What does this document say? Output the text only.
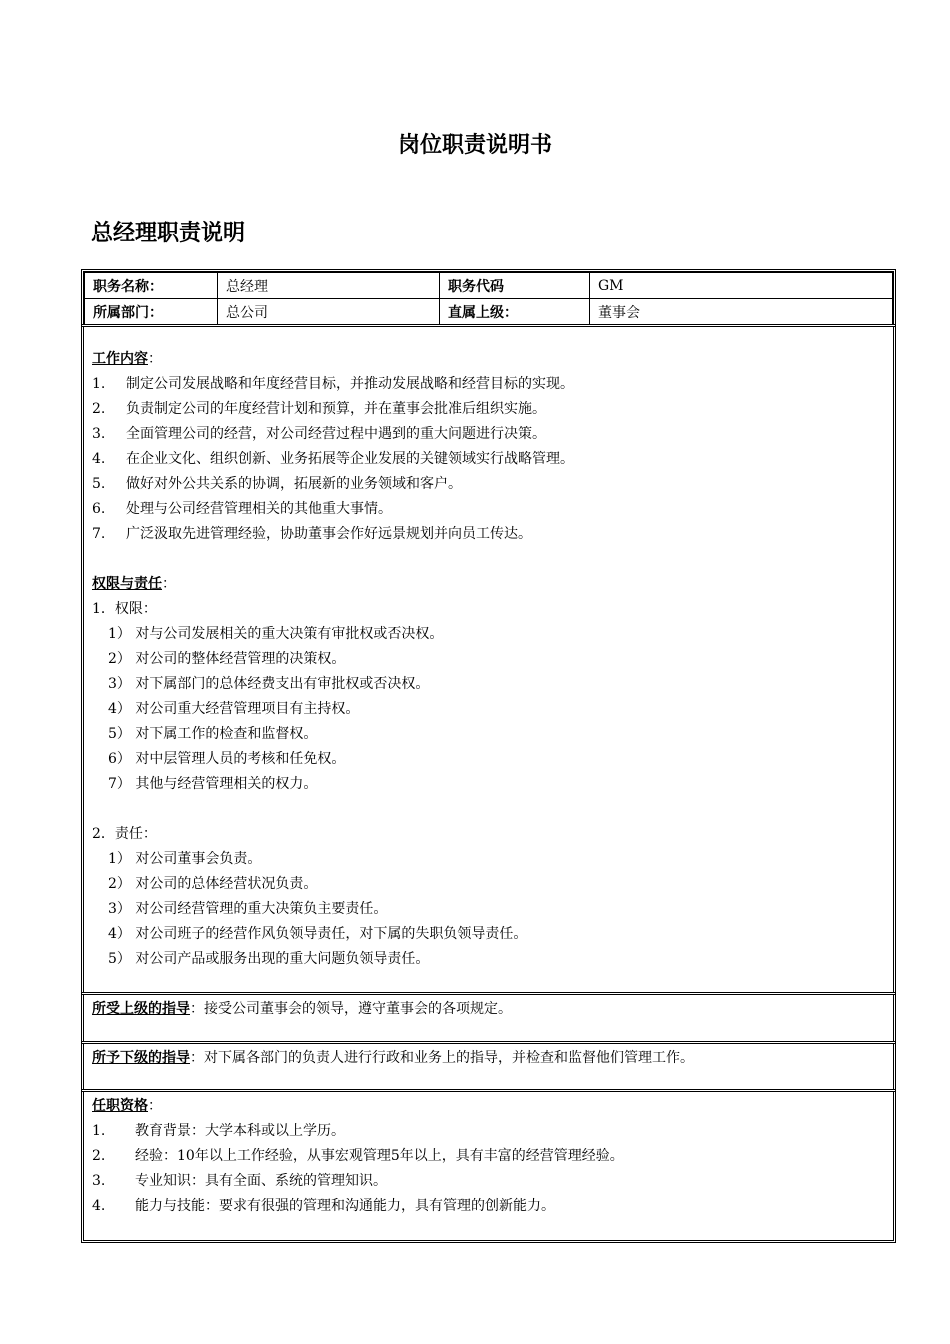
岗位职责说明书
总经理职责说明
职务名称：	总经理	职务代码	GM
所属部门：	总公司	直属上级：	董事会
工作内容：
1. 制定公司发展战略和年度经营目标，并推动发展战略和经营目标的实现。
2. 负责制定公司的年度经营计划和预算，并在董事会批准后组织实施。
3. 全面管理公司的经营，对公司经营过程中遇到的重大问题进行决策。
4. 在企业文化、组织创新、业务拓展等企业发展的关键领域实行战略管理。
5. 做好对外公共关系的协调，拓展新的业务领域和客户。
6. 处理与公司经营管理相关的其他重大事情。
7. 广泛汲取先进管理经验，协助董事会作好远景规划并向员工传达。
权限与责任：
1．权限：
1） 对与公司发展相关的重大决策有审批权或否决权。
2） 对公司的整体经营管理的决策权。
3） 对下属部门的总体经费支出有审批权或否决权。
4） 对公司重大经营管理项目有主持权。
5） 对下属工作的检查和监督权。
6） 对中层管理人员的考核和任免权。
7） 其他与经营管理相关的权力。
2．责任：
1） 对公司董事会负责。
2） 对公司的总体经营状况负责。
3） 对公司经营管理的重大决策负主要责任。
4） 对公司班子的经营作风负领导责任，对下属的失职负领导责任。
5） 对公司产品或服务出现的重大问题负领导责任。
所受上级的指导：接受公司董事会的领导，遵守董事会的各项规定。
所予下级的指导：对下属各部门的负责人进行行政和业务上的指导，并检查和监督他们管理工作。
任职资格：
1. 教育背景：大学本科或以上学历。
2. 经验：10年以上工作经验，从事宏观管理5年以上，具有丰富的经营管理经验。
3. 专业知识：具有全面、系统的管理知识。
4. 能力与技能：要求有很强的管理和沟通能力，具有管理的创新能力。
